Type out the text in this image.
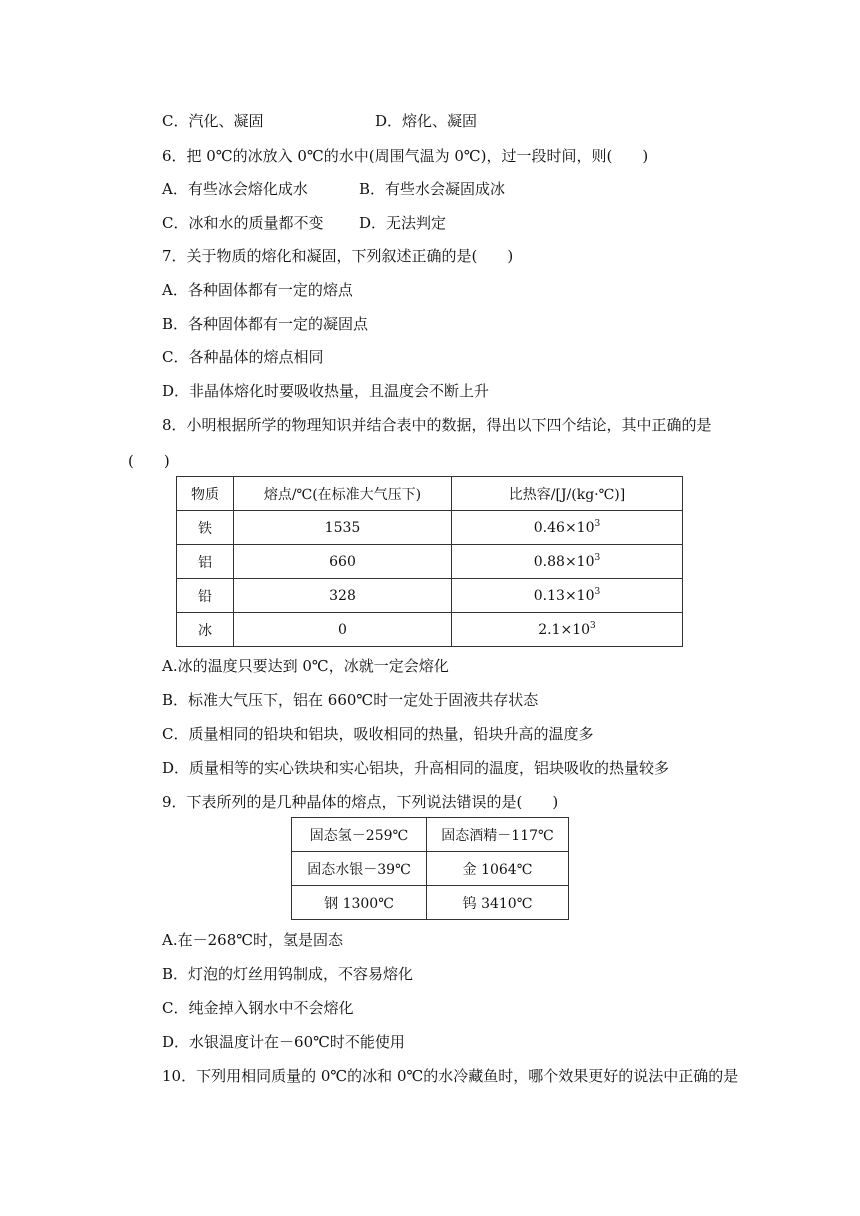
C．汽化、凝固	D．熔化、凝固
6．把 0℃的冰放入 0℃的水中(周围气温为 0℃)，过一段时间，则(　　)
A．有些冰会熔化成水	B．有些水会凝固成冰
C．冰和水的质量都不变 D．无法判定
7．关于物质的熔化和凝固，下列叙述正确的是(　　)
A．各种固体都有一定的熔点
B．各种固体都有一定的凝固点
C．各种晶体的熔点相同
D．非晶体熔化时要吸收热量，且温度会不断上升
8．小明根据所学的物理知识并结合表中的数据，得出以下四个结论，其中正确的是
(　　)
物质	熔点/℃(在标准大气压下)	比热容/[J/(kg·℃)]
铁	1535	$0.46\times 10^3$
铝	660	$0.88\times 10^3$
铅	328	$0.13\times 10^3$
冰	0	$2.1\times 10^3$
A.冰的温度只要达到 0℃，冰就一定会熔化
B．标准大气压下，铝在 660℃时一定处于固液共存状态
C．质量相同的铅块和铝块，吸收相同的热量，铅块升高的温度多
D．质量相等的实心铁块和实心铝块，升高相同的温度，铝块吸收的热量较多
9．下表所列的是几种晶体的熔点，下列说法错误的是(　　)
固态氢－259℃	固态酒精－117℃
固态水银－39℃	金 1064℃
钢 1300℃	钨 3410℃
A.在－268℃时，氢是固态
B．灯泡的灯丝用钨制成，不容易熔化
C．纯金掉入钢水中不会熔化
D．水银温度计在－60℃时不能使用
10．下列用相同质量的 0℃的冰和 0℃的水冷藏鱼时，哪个效果更好的说法中正确的是
